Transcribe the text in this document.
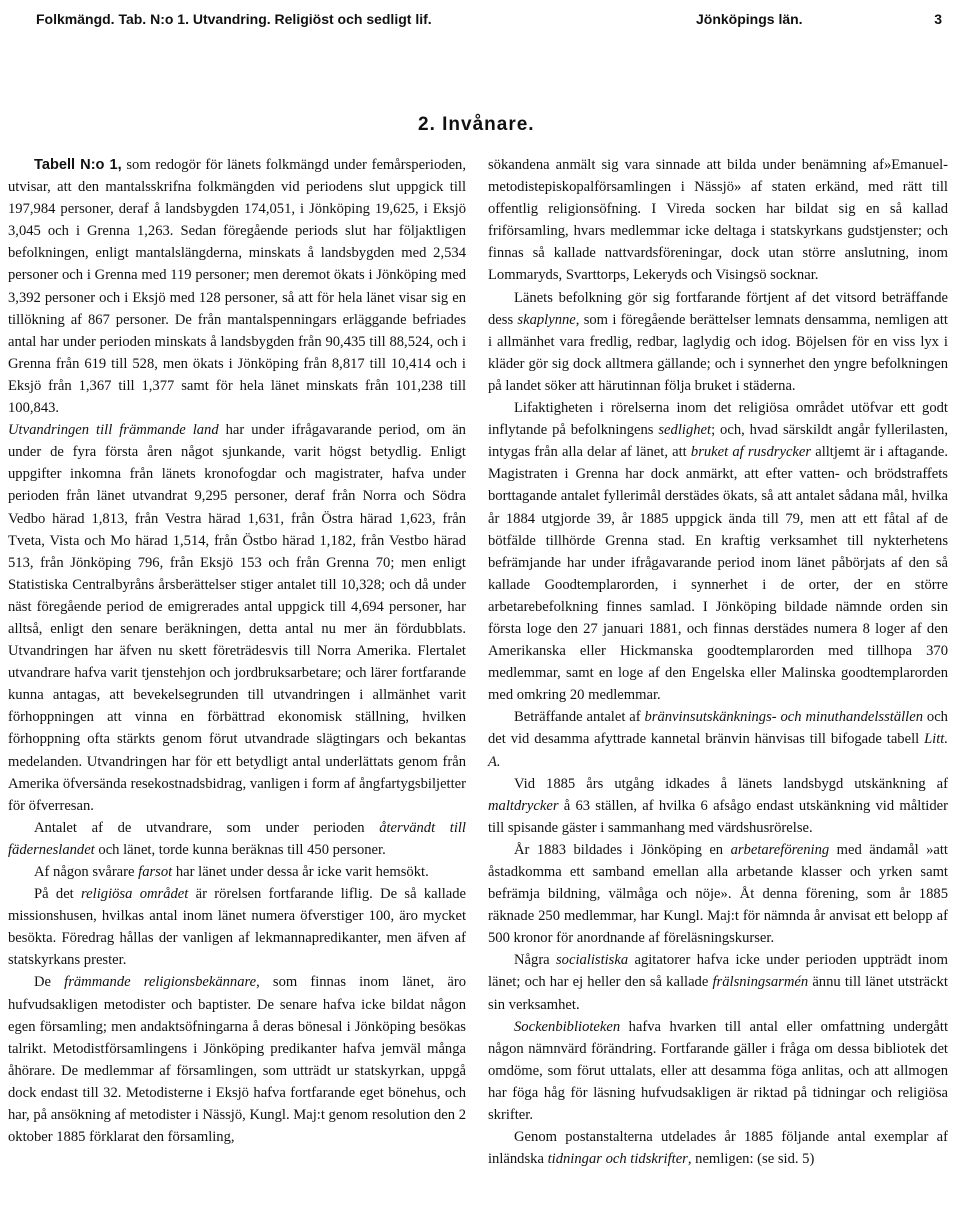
Folkmängd. Tab. N:o 1. Utvandring. Religiöst och sedligt lif.	Jönköpings län.	3
2. Invånare.

Tabell N:o 1, som redogör för länets folkmängd under femårsperioden, utvisar, att den mantalsskrifna folkmängden vid periodens slut uppgick till 197,984 personer, deraf å landsbygden 174,051, i Jönköping 19,625, i Eksjö 3,045 och i Grenna 1,263. Sedan föregående periods slut har följaktligen befolkningen, enligt mantalslängderna, minskats å landsbygden med 2,534 personer och i Grenna med 119 personer; men deremot ökats i Jönköping med 3,392 personer och i Eksjö med 128 personer, så att för hela länet visar sig en tillökning af 867 personer. De från mantalspenningars erläggande befriades antal har under perioden minskats å landsbygden från 90,435 till 88,524, och i Grenna från 619 till 528, men ökats i Jönköping från 8,817 till 10,414 och i Eksjö från 1,367 till 1,377 samt för hela länet minskats från 101,238 till 100,843.

Utvandringen till främmande land har under ifrågavarande period, om än under de fyra första åren något sjunkande, varit högst betydlig. Enligt uppgifter inkomna från länets kronofogdar och magistrater, hafva under perioden från länet utvandrat 9,295 personer, deraf från Norra och Södra Vedbo härad 1,813, från Vestra härad 1,631, från Östra härad 1,623, från Tveta, Vista och Mo härad 1,514, från Östbo härad 1,182, från Vestbo härad 513, från Jönköping 796, från Eksjö 153 och från Grenna 70; men enligt Statistiska Centralbyråns årsberättelser stiger antalet till 10,328; och då under näst föregående period de emigrerades antal uppgick till 4,694 personer, har alltså, enligt den senare beräkningen, detta antal nu mer än fördubblats. Utvandringen har äfven nu skett företrädesvis till Norra Amerika. Flertalet utvandrare hafva varit tjenstehjon och jordbruksarbetare; och lärer fortfarande kunna antagas, att bevekelsegrunden till utvandringen i allmänhet varit förhoppningen att vinna en förbättrad ekonomisk ställning, hvilken förhoppning ofta stärkts genom förut utvandrade slägtingars och bekantas medelanden. Utvandringen har för ett betydligt antal underlättats genom från Amerika öfversända resekostnadsbidrag, vanligen i form af ångfartygsbiljetter för öfverresan.

Antalet af de utvandrare, som under perioden återvändt till fäderneslandet och länet, torde kunna beräknas till 450 personer.

Af någon svårare farsot har länet under dessa år icke varit hemsökt.

På det religiösa området är rörelsen fortfarande liflig. De så kallade missionshusen, hvilkas antal inom länet numera öfverstiger 100, äro mycket besökta. Föredrag hållas der vanligen af lekmannapredikanter, men äfven af statskyrkans prester.

De främmande religionsbekännare, som finnas inom länet, äro hufvudsakligen metodister och baptister. De senare hafva icke bildat någon egen församling; men andaktsöfningarna å deras bönesal i Jönköping besökas talrikt. Metodistförsamlingens i Jönköping predikanter hafva jemväl många åhörare. De medlemmar af församlingen, som utträdt ur statskyrkan, uppgå dock endast till 32. Metodisterne i Eksjö hafva fortfarande eget bönehus, och har, på ansökning af metodister i Nässjö, Kungl. Maj:t genom resolution den 2 oktober 1885 förklarat den församling,

sökandena anmält sig vara sinnade att bilda under benämning af»Emanuel-metodistepiskopalförsamlingen i Nässjö» af staten erkänd, med rätt till offentlig religionsöfning. I Vireda socken har bildat sig en så kallad friförsamling, hvars medlemmar icke deltaga i statskyrkans gudstjenster; och finnas så kallade nattvardsföreningar, dock utan större anslutning, inom Lommaryds, Svarttorps, Lekeryds och Visingsö socknar.

Länets befolkning gör sig fortfarande förtjent af det vitsord beträffande dess skaplynne, som i föregående berättelser lemnats densamma, nemligen att i allmänhet vara fredlig, redbar, laglydig och idog. Böjelsen för en viss lyx i kläder gör sig dock alltmera gällande; och i synnerhet den yngre befolkningen på landet söker att härutinnan följa bruket i städerna.

Lifaktigheten i rörelserna inom det religiösa området utöfvar ett godt inflytande på befolkningens sedlighet; och, hvad särskildt angår fyllerilasten, intygas från alla delar af länet, att bruket af rusdrycker alltjemt är i aftagande. Magistraten i Grenna har dock anmärkt, att efter vatten- och brödstraffets borttagande antalet fyllerimål derstädes ökats, så att antalet sådana mål, hvilka år 1884 utgjorde 39, år 1885 uppgick ända till 79, men att ett fåtal af de bötfälde tillhörde Grenna stad. En kraftig verksamhet till nykterhetens befrämjande har under ifrågavarande period inom länet påbörjats af den så kallade Goodtemplarorden, i synnerhet i de orter, der en större arbetarebefolkning finnes samlad. I Jönköping bildade nämnde orden sin första loge den 27 januari 1881, och finnas derstädes numera 8 loger af den Amerikanska eller Hickmanska goodtemplarorden med tillhopa 370 medlemmar, samt en loge af den Engelska eller Malinska goodtemplarorden med omkring 20 medlemmar.

Beträffande antalet af bränvinsutskänknings- och minuthandelsställen och det vid desamma afyttrade kannetal bränvin hänvisas till bifogade tabell Litt. A.

Vid 1885 års utgång idkades å länets landsbygd utskänkning af maltdrycker å 63 ställen, af hvilka 6 afsågo endast utskänkning vid måltider till spisande gäster i sammanhang med värdshusrörelse.

År 1883 bildades i Jönköping en arbetareförening med ändamål »att åstadkomma ett samband emellan alla arbetande klasser och yrken samt befrämja bildning, välmåga och nöje». Åt denna förening, som år 1885 räknade 250 medlemmar, har Kungl. Maj:t för nämnda år anvisat ett belopp af 500 kronor för anordnande af föreläsningskurser.

Några socialistiska agitatorer hafva icke under perioden uppträdt inom länet; och har ej heller den så kallade frälsningsarmén ännu till länet utsträckt sin verksamhet.

Sockenbiblioteken hafva hvarken till antal eller omfattning undergått någon nämnvärd förändring. Fortfarande gäller i fråga om dessa bibliotek det omdöme, som förut uttalats, eller att desamma föga anlitas, och att allmogen har föga håg för läsning hufvudsakligen är riktad på tidningar och religiösa skrifter.

Genom postanstalterna utdelades år 1885 följande antal exemplar af inländska tidningar och tidskrifter, nemligen: (se sid. 5)
